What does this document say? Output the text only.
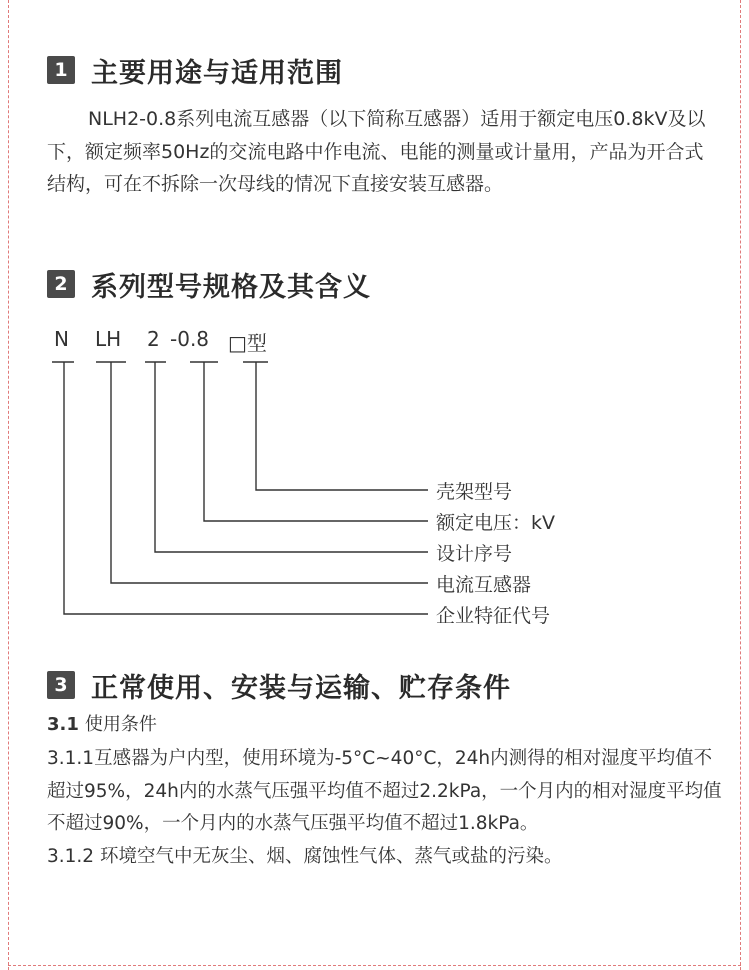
1 主要用途与适用范围

NLH2-0.8系列电流互感器（以下简称互感器）适用于额定电压0.8kV及以下，额定频率50Hz的交流电路中作电流、电能的测量或计量用，产品为开合式结构，可在不拆除一次母线的情况下直接安装互感器。

2 系列型号规格及其含义
N LH 2 -0.8 □型
壳架型号
额定电压：kV
设计序号
电流互感器
企业特征代号
3 正常使用、安装与运输、贮存条件
3.1 使用条件

3.1.1互感器为户内型，使用环境为-5°C~40°C，24h内测得的相对湿度平均值不超过95%，24h内的水蒸气压强平均值不超过2.2kPa，一个月内的相对湿度平均值不超过90%，一个月内的水蒸气压强平均值不超过1.8kPa。

3.1.2 环境空气中无灰尘、烟、腐蚀性气体、蒸气或盐的污染。
